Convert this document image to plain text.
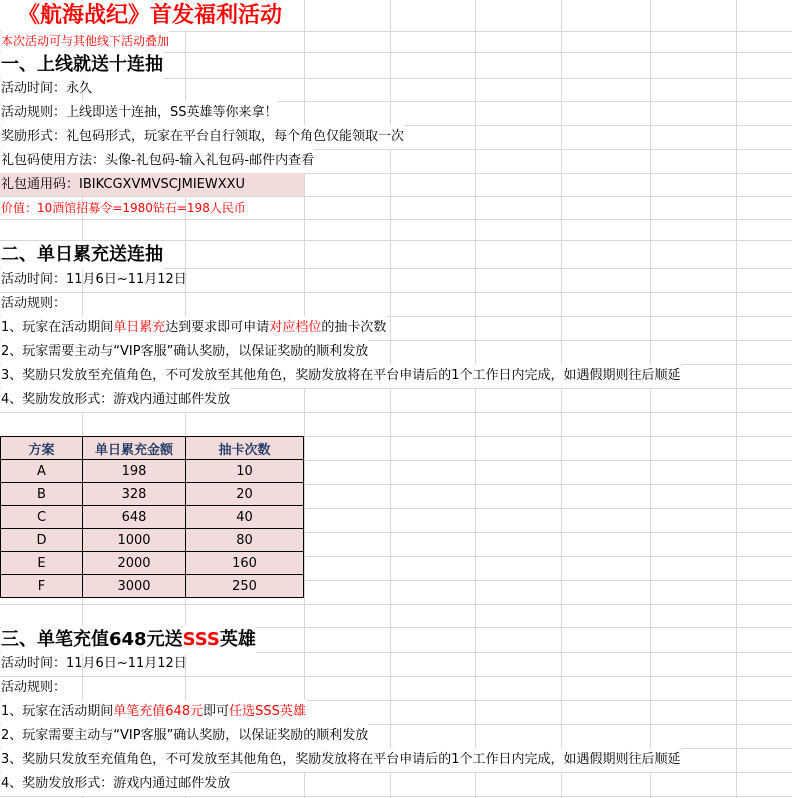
《航海战纪》首发福利活动
本次活动可与其他线下活动叠加
一、上线就送十连抽
活动时间：永久
活动规则：上线即送十连抽，SS英雄等你来拿！
奖励形式：礼包码形式，玩家在平台自行领取，每个角色仅能领取一次
礼包码使用方法：头像-礼包码-输入礼包码-邮件内查看
礼包通用码：IBIKCGXVMVSCJMIEWXXU
价值：10酒馆招募令=1980钻石=198人民币
二、单日累充送连抽
活动时间：11月6日~11月12日
活动规则：
1、玩家在活动期间单日累充达到要求即可申请对应档位的抽卡次数
2、玩家需要主动与“VIP客服”确认奖励，以保证奖励的顺利发放
3、奖励只发放至充值角色，不可发放至其他角色，奖励发放将在平台申请后的1个工作日内完成，如遇假期则往后顺延
4、奖励发放形式：游戏内通过邮件发放
方案	单日累充金额	抽卡次数
A	198	10
B	328	20
C	648	40
D	1000	80
E	2000	160
F	3000	250
三、单笔充值648元送SSS英雄
活动时间：11月6日~11月12日
活动规则：
1、玩家在活动期间单笔充值648元即可任选SSS英雄
2、玩家需要主动与“VIP客服”确认奖励，以保证奖励的顺利发放
3、奖励只发放至充值角色，不可发放至其他角色，奖励发放将在平台申请后的1个工作日内完成，如遇假期则往后顺延
4、奖励发放形式：游戏内通过邮件发放
